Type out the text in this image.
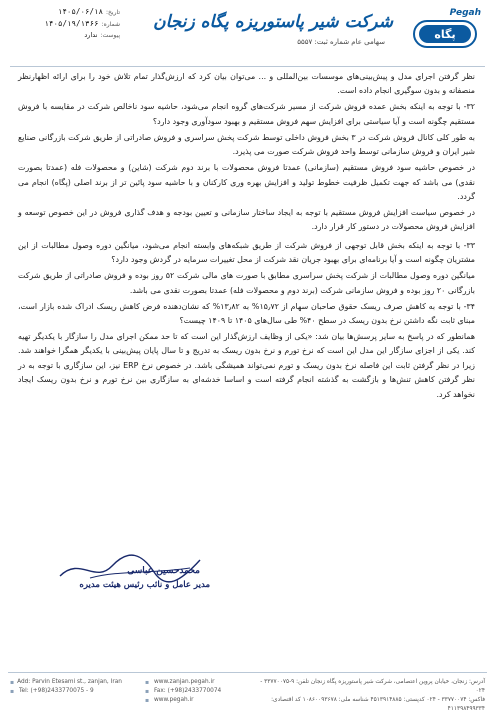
تاریخ:
۱۴۰۵/۰۶/۱۸
شماره:
۱۴۰۵/۱۹/۱۳۶۶
پیوست:
ندارد
Pegah
پگاه
شرکت شیر پاستوریزه پگاه زنجان
سهامی عام شماره ثبت: ۵۵۵۷

نظر گرفتن اجرای مدل و پیش‌بینی‌های موسسات بین‌المللی و ... می‌توان بیان کرد که ارزش‌گذار تمام تلاش خود را برای ارائه اظهارنظر منصفانه و بدون سوگیری انجام داده است.

۳۲- با توجه به اینکه بخش عمده فروش شرکت از مسیر شرکت‌های گروه انجام می‌شود، حاشیه سود ناخالص شرکت در مقایسه با فروش مستقیم چگونه است و آیا سیاستی برای افزایش سهم فروش مستقیم و بهبود سودآوری وجود دارد؟

به طور کلی کانال فروش شرکت در ۳ بخش فروش داخلی توسط شرکت پخش سراسری و فروش صادراتی از طریق شرکت بازرگانی صنایع شیر ایران و فروش سازمانی توسط واحد فروش شرکت صورت می پذیرد.

در خصوص حاشیه سود فروش مستقیم (سازمانی) عمدتا فروش محصولات با برند دوم شرکت (شاین) و محصولات فله (عمدتا بصورت نقدی) می باشد که جهت تکمیل ظرفیت خطوط تولید و افزایش بهره وری کارکنان و با حاشیه سود پائین تر از برند اصلی (پگاه) انجام می گردد.

در خصوص سیاست افزایش فروش مستقیم با توجه به ایجاد ساختار سازمانی و تعیین بودجه و هدف گذاری فروش در این خصوص توسعه و افزایش فروش محصولات در دستور کار قرار دارد.

۳۳- با توجه به اینکه بخش قابل توجهی از فروش شرکت از طریق شبکه‌های وابسته انجام می‌شود، میانگین دوره وصول مطالبات از این مشتریان چگونه است و آیا برنامه‌ای برای بهبود جریان نقد شرکت از محل تغییرات سرمایه در گردش وجود دارد؟

میانگین دوره وصول مطالبات از شرکت پخش سراسری مطابق با صورت های مالی شرکت ۵۲ روز بوده و فروش صادراتی از طریق شرکت بازرگانی ۲۰ روز بوده و فروش سازمانی شرکت (برند دوم و محصولات فله) عمدتا بصورت نقدی می باشد.

۳۴- با توجه به کاهش صرف ریسک حقوق صاحبان سهام از ۱۵٫۷۲% به ۱۳٫۸۲% که نشان‌دهنده فرض کاهش ریسک ادراک شده بازار است، مبنای ثابت نگه داشتن نرخ بدون ریسک در سطح ۴۰% طی سال‌های ۱۴۰۵ تا ۱۴۰۹ چیست؟

همانطور که در پاسخ به سایر پرسش‌ها بیان شد: «یکی از وظایف ارزش‌گذار این است که تا حد ممکن اجرای مدل را سازگار با یکدیگر تهیه کند. یکی از اجزای سازگار این مدل این است که نرخ تورم و نرخ بدون ریسک به تدریج و تا سال پایان پیش‌بینی با یکدیگر همگرا خواهند شد. زیرا در نظر گرفتن ثابت این فاصله نرخ بدون ریسک و تورم نمی‌تواند همیشگی باشد. در خصوص نرخ ERP نیز، این سازگاری با توجه به در نظر گرفتن کاهش تنش‌ها و بازگشت به گذشته انجام گرفته است و اساسا خدشه‌ای به سازگاری بین نرخ تورم و نرخ بدون ریسک ایجاد نخواهد کرد.

محمدحسین عباسی
مدیر عامل و نائب رئیس هیئت مدیره
▪ Add: Parvin Etesami st., zanjan, Iran
▪ Tel: (+98)2433770075 - 9
▪ www.zanjan.pegah.ir
▪ Fax: (+98)2433770074
▪ www.pegah.ir
آدرس: زنجان، خیابان پروین اعتصامی، شرکت شیر پاستوریزه پگاه زنجان تلفن: ۹-۳۳۷۷۰۰۷۵ - ۰۲۴
فاکس: ۳۳۷۷۰۰۷۴ - ۰۲۴ کدپستی: ۴۵۱۳۹۱۴۸۸۵ شناسه ملی: ۱۰۸۶۰۰۹۳۶۷۸ کد اقتصادی: ۴۱۱۳۹۸۴۹۹۳۳۴
